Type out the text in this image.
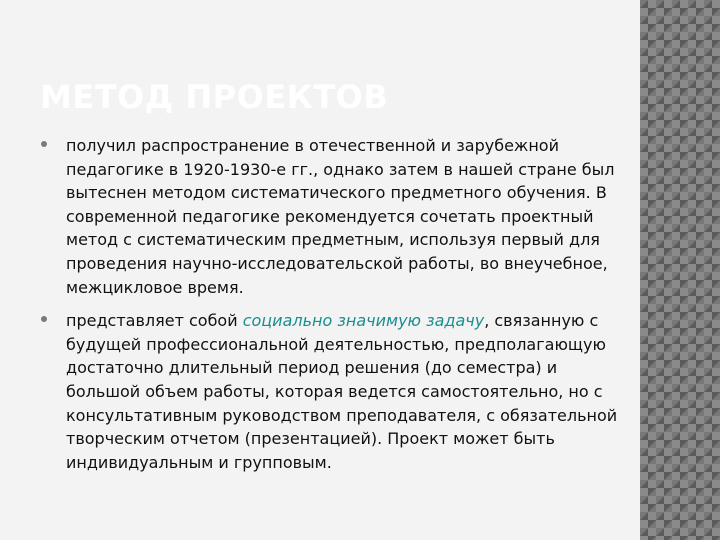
МЕТОД ПРОЕКТОВ
получил распространение в отечественной и зарубежной педагогике в 1920-1930-е гг., однако затем в нашей стране был вытеснен методом систематического предметного обучения. В современной педагогике рекомендуется сочетать проектный метод с систематическим предметным, используя первый для проведения научно-исследовательской работы, во внеучебное, межцикловое время.
представляет собой социально значимую задачу, связанную с будущей профессиональной деятельностью, предполагающую достаточно длительный период решения (до семестра) и большой объем работы, которая ведется самостоятельно, но с консультативным руководством преподавателя, с обязательной творческим отчетом (презентацией). Проект может быть индивидуальным и групповым.
